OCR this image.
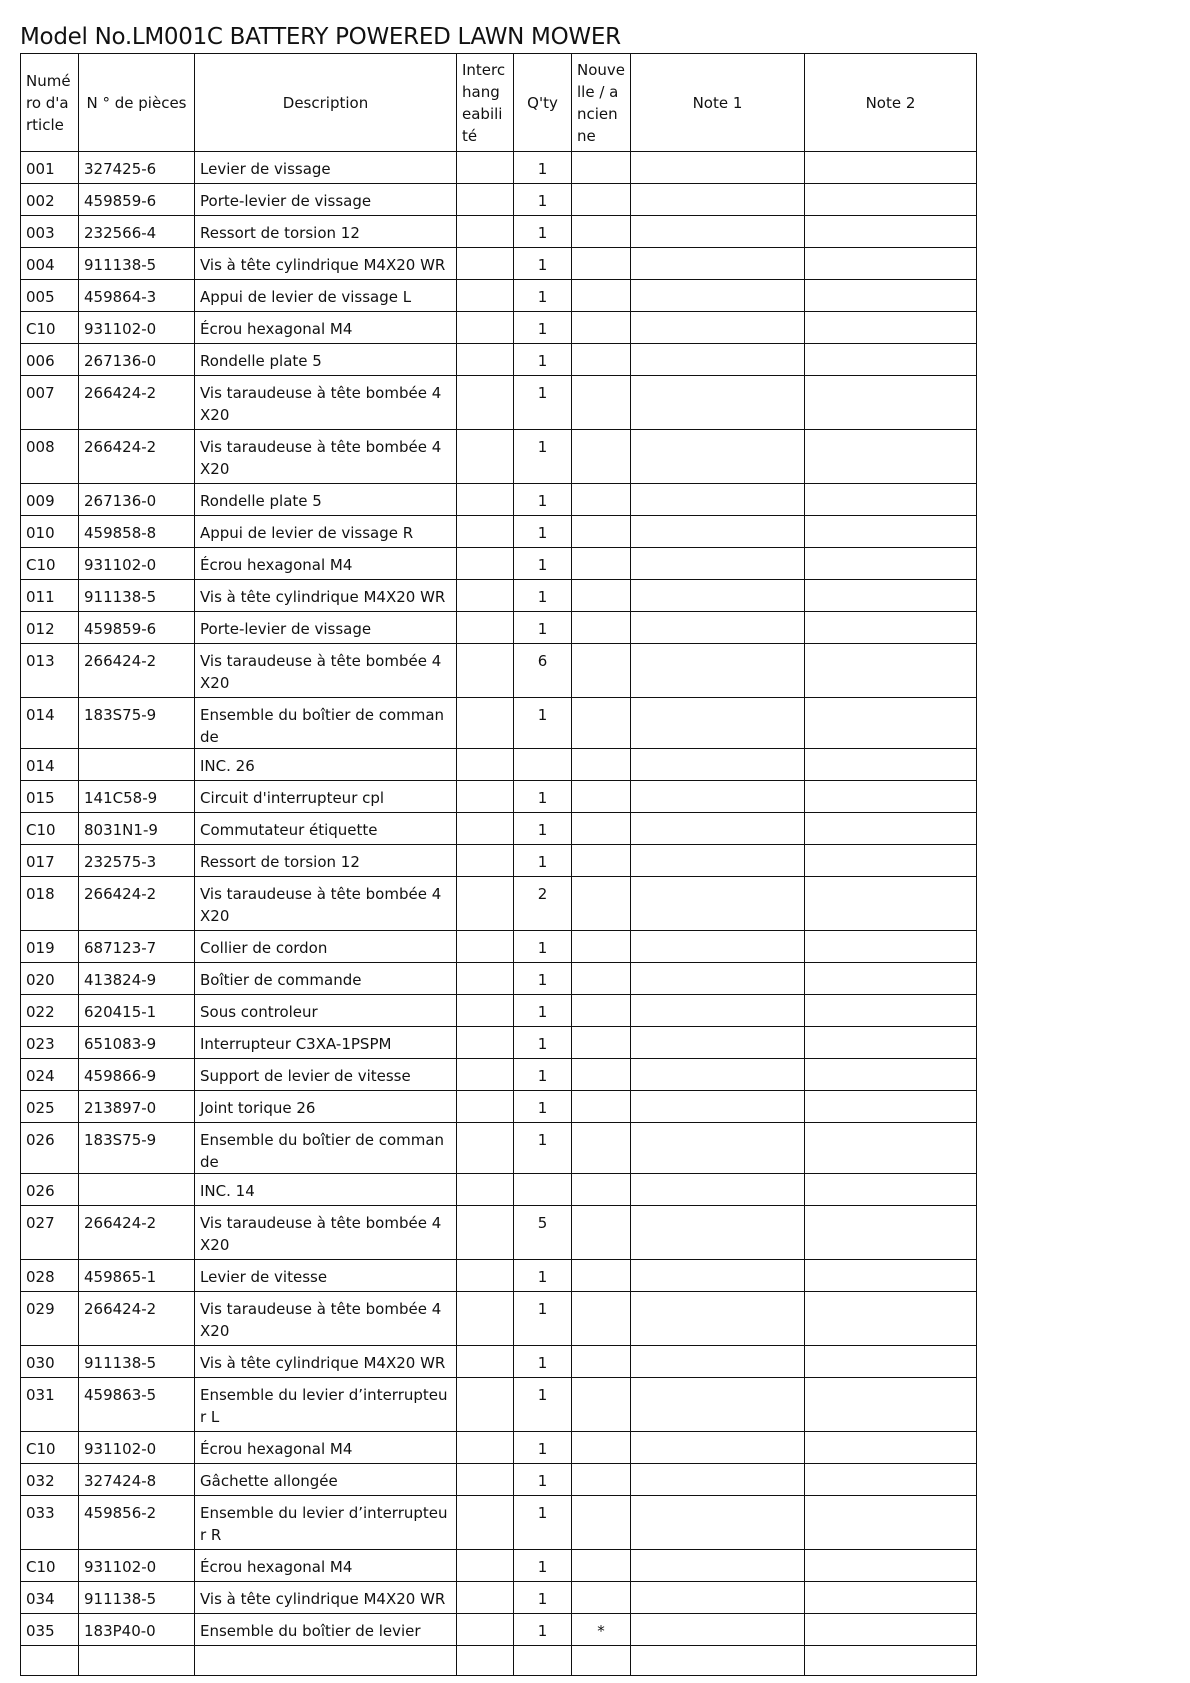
Model No.LM001C BATTERY POWERED LAWN MOWER
Numéro d'article	N ° de pièces	Description	Interchangeabilité	Q'ty	Nouvelle / ancienne	Note 1	Note 2
001	327425-6	Levier de vissage		1			
002	459859-6	Porte-levier de vissage		1			
003	232566-4	Ressort de torsion 12		1			
004	911138-5	Vis à tête cylindrique M4X20 WR		1			
005	459864-3	Appui de levier de vissage L		1			
C10	931102-0	Écrou hexagonal M4		1			
006	267136-0	Rondelle plate 5		1			
007	266424-2	Vis taraudeuse à tête bombée 4X20		1			
008	266424-2	Vis taraudeuse à tête bombée 4X20		1			
009	267136-0	Rondelle plate 5		1			
010	459858-8	Appui de levier de vissage R		1			
C10	931102-0	Écrou hexagonal M4		1			
011	911138-5	Vis à tête cylindrique M4X20 WR		1			
012	459859-6	Porte-levier de vissage		1			
013	266424-2	Vis taraudeuse à tête bombée 4X20		6			
014	183S75-9	Ensemble du boîtier de commande		1			
014		INC. 26					
015	141C58-9	Circuit d'interrupteur cpl		1			
C10	8031N1-9	Commutateur étiquette		1			
017	232575-3	Ressort de torsion 12		1			
018	266424-2	Vis taraudeuse à tête bombée 4X20		2			
019	687123-7	Collier de cordon		1			
020	413824-9	Boîtier de commande		1			
022	620415-1	Sous controleur		1			
023	651083-9	Interrupteur C3XA-1PSPM		1			
024	459866-9	Support de levier de vitesse		1			
025	213897-0	Joint torique 26		1			
026	183S75-9	Ensemble du boîtier de commande		1			
026		INC. 14					
027	266424-2	Vis taraudeuse à tête bombée 4X20		5			
028	459865-1	Levier de vitesse		1			
029	266424-2	Vis taraudeuse à tête bombée 4X20		1			
030	911138-5	Vis à tête cylindrique M4X20 WR		1			
031	459863-5	Ensemble du levier d’interrupteur L		1			
C10	931102-0	Écrou hexagonal M4		1			
032	327424-8	Gâchette allongée		1			
033	459856-2	Ensemble du levier d’interrupteur R		1			
C10	931102-0	Écrou hexagonal M4		1			
034	911138-5	Vis à tête cylindrique M4X20 WR		1			
035	183P40-0	Ensemble du boîtier de levier		1	*		
